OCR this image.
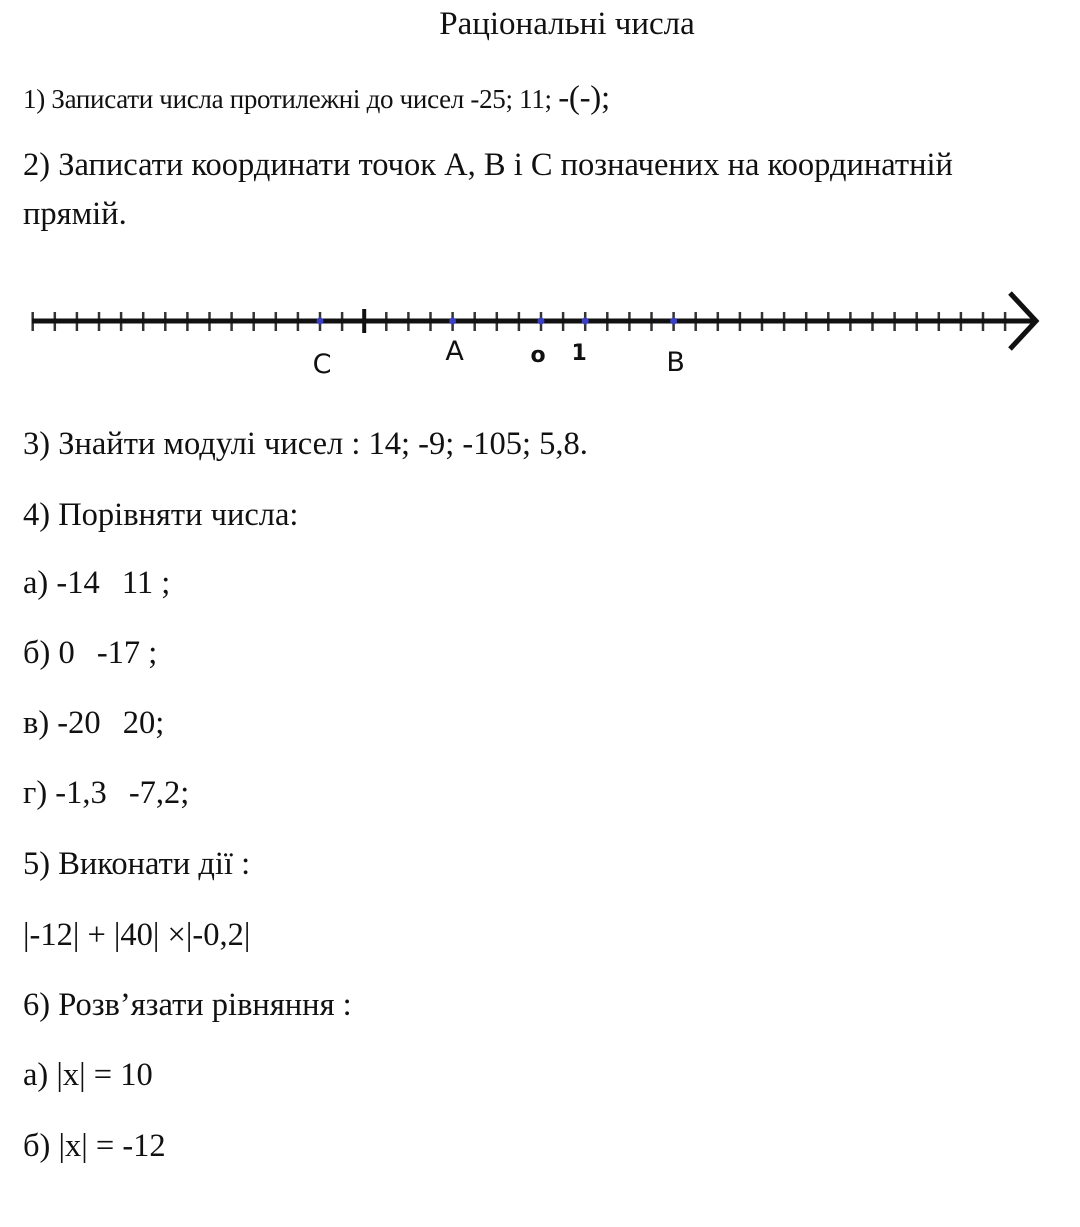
Раціональні числа
1) Записати числа протилежні до чисел -25; 11; -(-);
2) Записати координати точок A, B і C позначених на координатній
прямій.
o 1
C	A	B
3) Знайти модулі чисел : 14; -9; -105; 5,8.
4) Порівняти числа:
а) -14 11 ;
б) 0 -17 ;
в) -20 20;
г) -1,3 -7,2;
5) Виконати дії :
|-12| + |40| ×|-0,2|
6) Розв’язати рівняння :
а) |x| = 10
б) |x| = -12
